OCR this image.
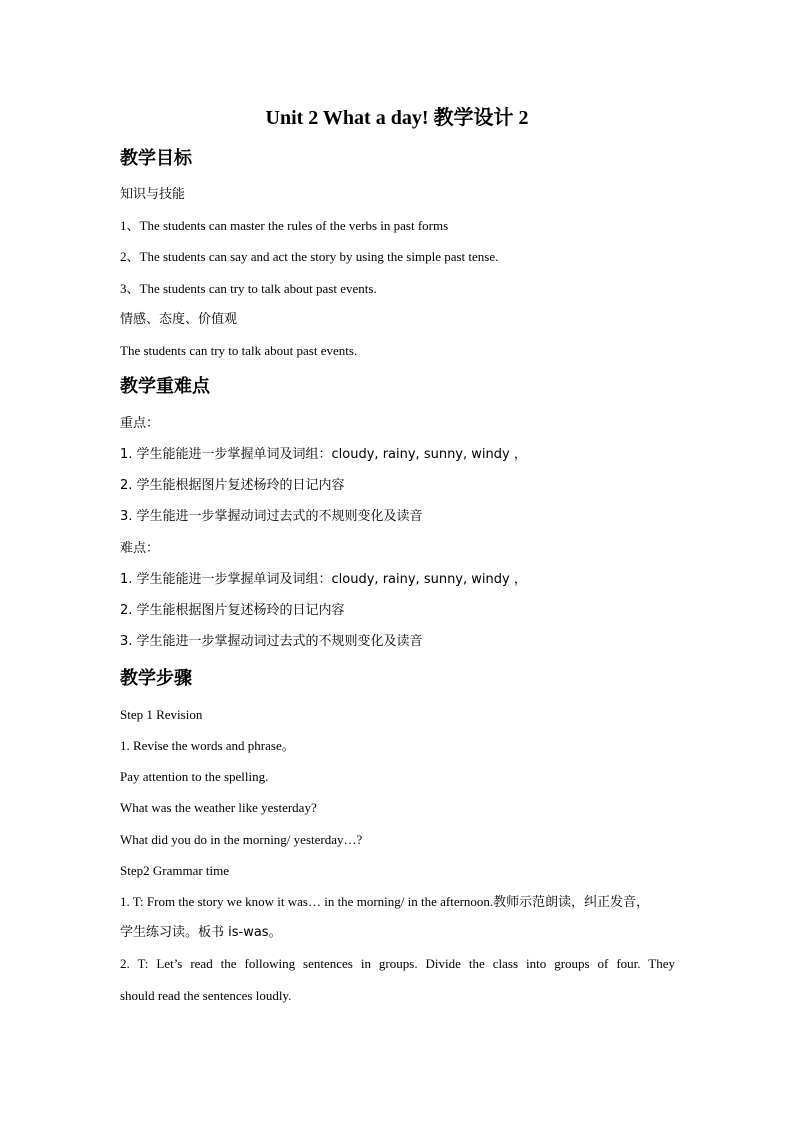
Unit 2 What a day! 教学设计 2
教学目标
知识与技能
1、The students can master the rules of the verbs in past forms
2、The students can say and act the story by using the simple past tense.
3、The students can try to talk about past events.
情感、态度、价值观
The students can try to talk about past events.
教学重难点
重点：
1. 学生能能进一步掌握单词及词组：cloudy, rainy, sunny, windy ，
2. 学生能根据图片复述杨玲的日记内容
3. 学生能进一步掌握动词过去式的不规则变化及读音
难点：
1. 学生能能进一步掌握单词及词组：cloudy, rainy, sunny, windy ，
2. 学生能根据图片复述杨玲的日记内容
3. 学生能进一步掌握动词过去式的不规则变化及读音
教学步骤
Step 1 Revision
1. Revise the words and phrase。
Pay attention to the spelling.
What was the weather like yesterday?
What did you do in the morning/ yesterday…?
Step2 Grammar time
1. T: From the story we know it was… in the morning/ in the afternoon.教师示范朗读，纠正发音，
学生练习读。板书 is-was。
2. T: Let’s read the following sentences in groups. Divide the class into groups of four. They
should read the sentences loudly.
